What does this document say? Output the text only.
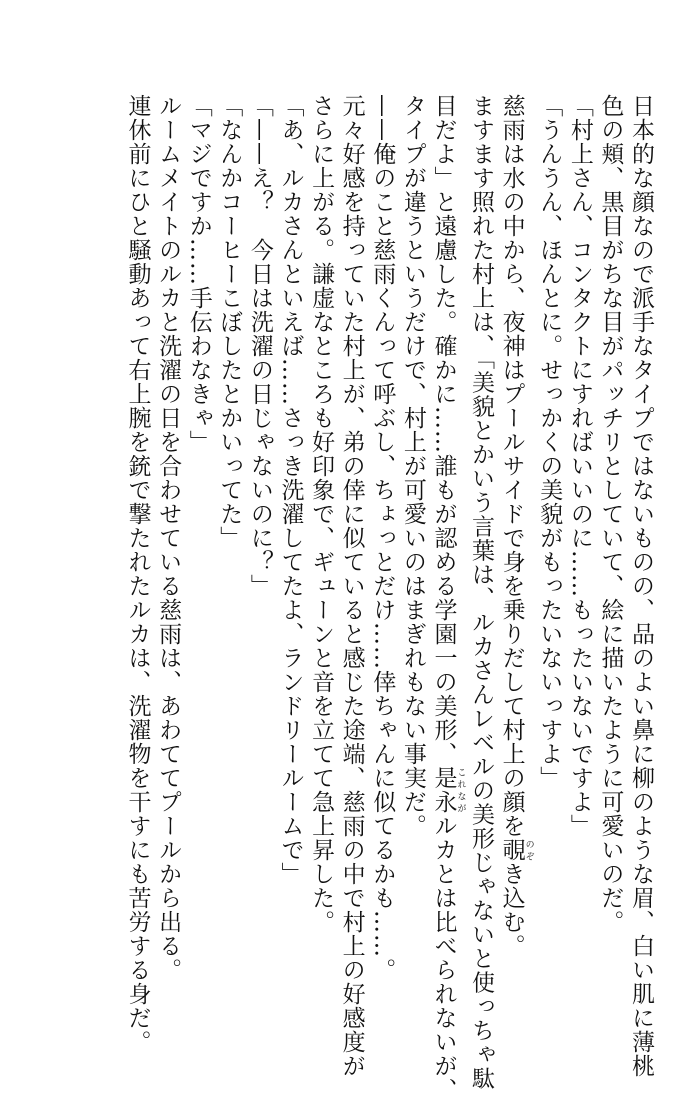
日本的な顔なので派手なタイプではないものの、品のよい鼻に柳のような眉、白い肌に薄桃
色の頬、黒目がちな目がパッチリとしていて、絵に描いたように可愛いのだ。
「村上さん、コンタクトにすればいいのに……もったいないですよ」
「うんうん、ほんとに。せっかくの美貌がもったいないっすよ」
慈雨は水の中から、夜神はプールサイドで身を乗りだして村上の顔を覗 のぞき込む。
ますます照れた村上は、「美貌とかいう言葉は、ルカさんレベルの美形じゃないと使っちゃ駄
目だよ」と遠慮した。確かに……誰もが認める学園一の美形、是永 これながルカとは比べられないが、
タイプが違うというだけで、村上が可愛いのはまぎれもない事実だ。
——俺のこと慈雨くんって呼ぶし、ちょっとだけ……倖ちゃんに似てるかも……。
元々好感を持っていた村上が、弟の倖に似ていると感じた途端、慈雨の中で村上の好感度が
さらに上がる。謙虚なところも好印象で、ギューンと音を立てて急上昇した。
「あ、ルカさんといえば……さっき洗濯してたよ、ランドリールームで」
「——え？　今日は洗濯の日じゃないのに？」
「なんかコーヒーこぼしたとかいってた」
「マジですか……手伝わなきゃ」
ルームメイトのルカと洗濯の日を合わせている慈雨は、あわててプールから出る。
連休前にひと騒動あって右上腕を銃で撃たれたルカは、洗濯物を干すにも苦労する身だ。
